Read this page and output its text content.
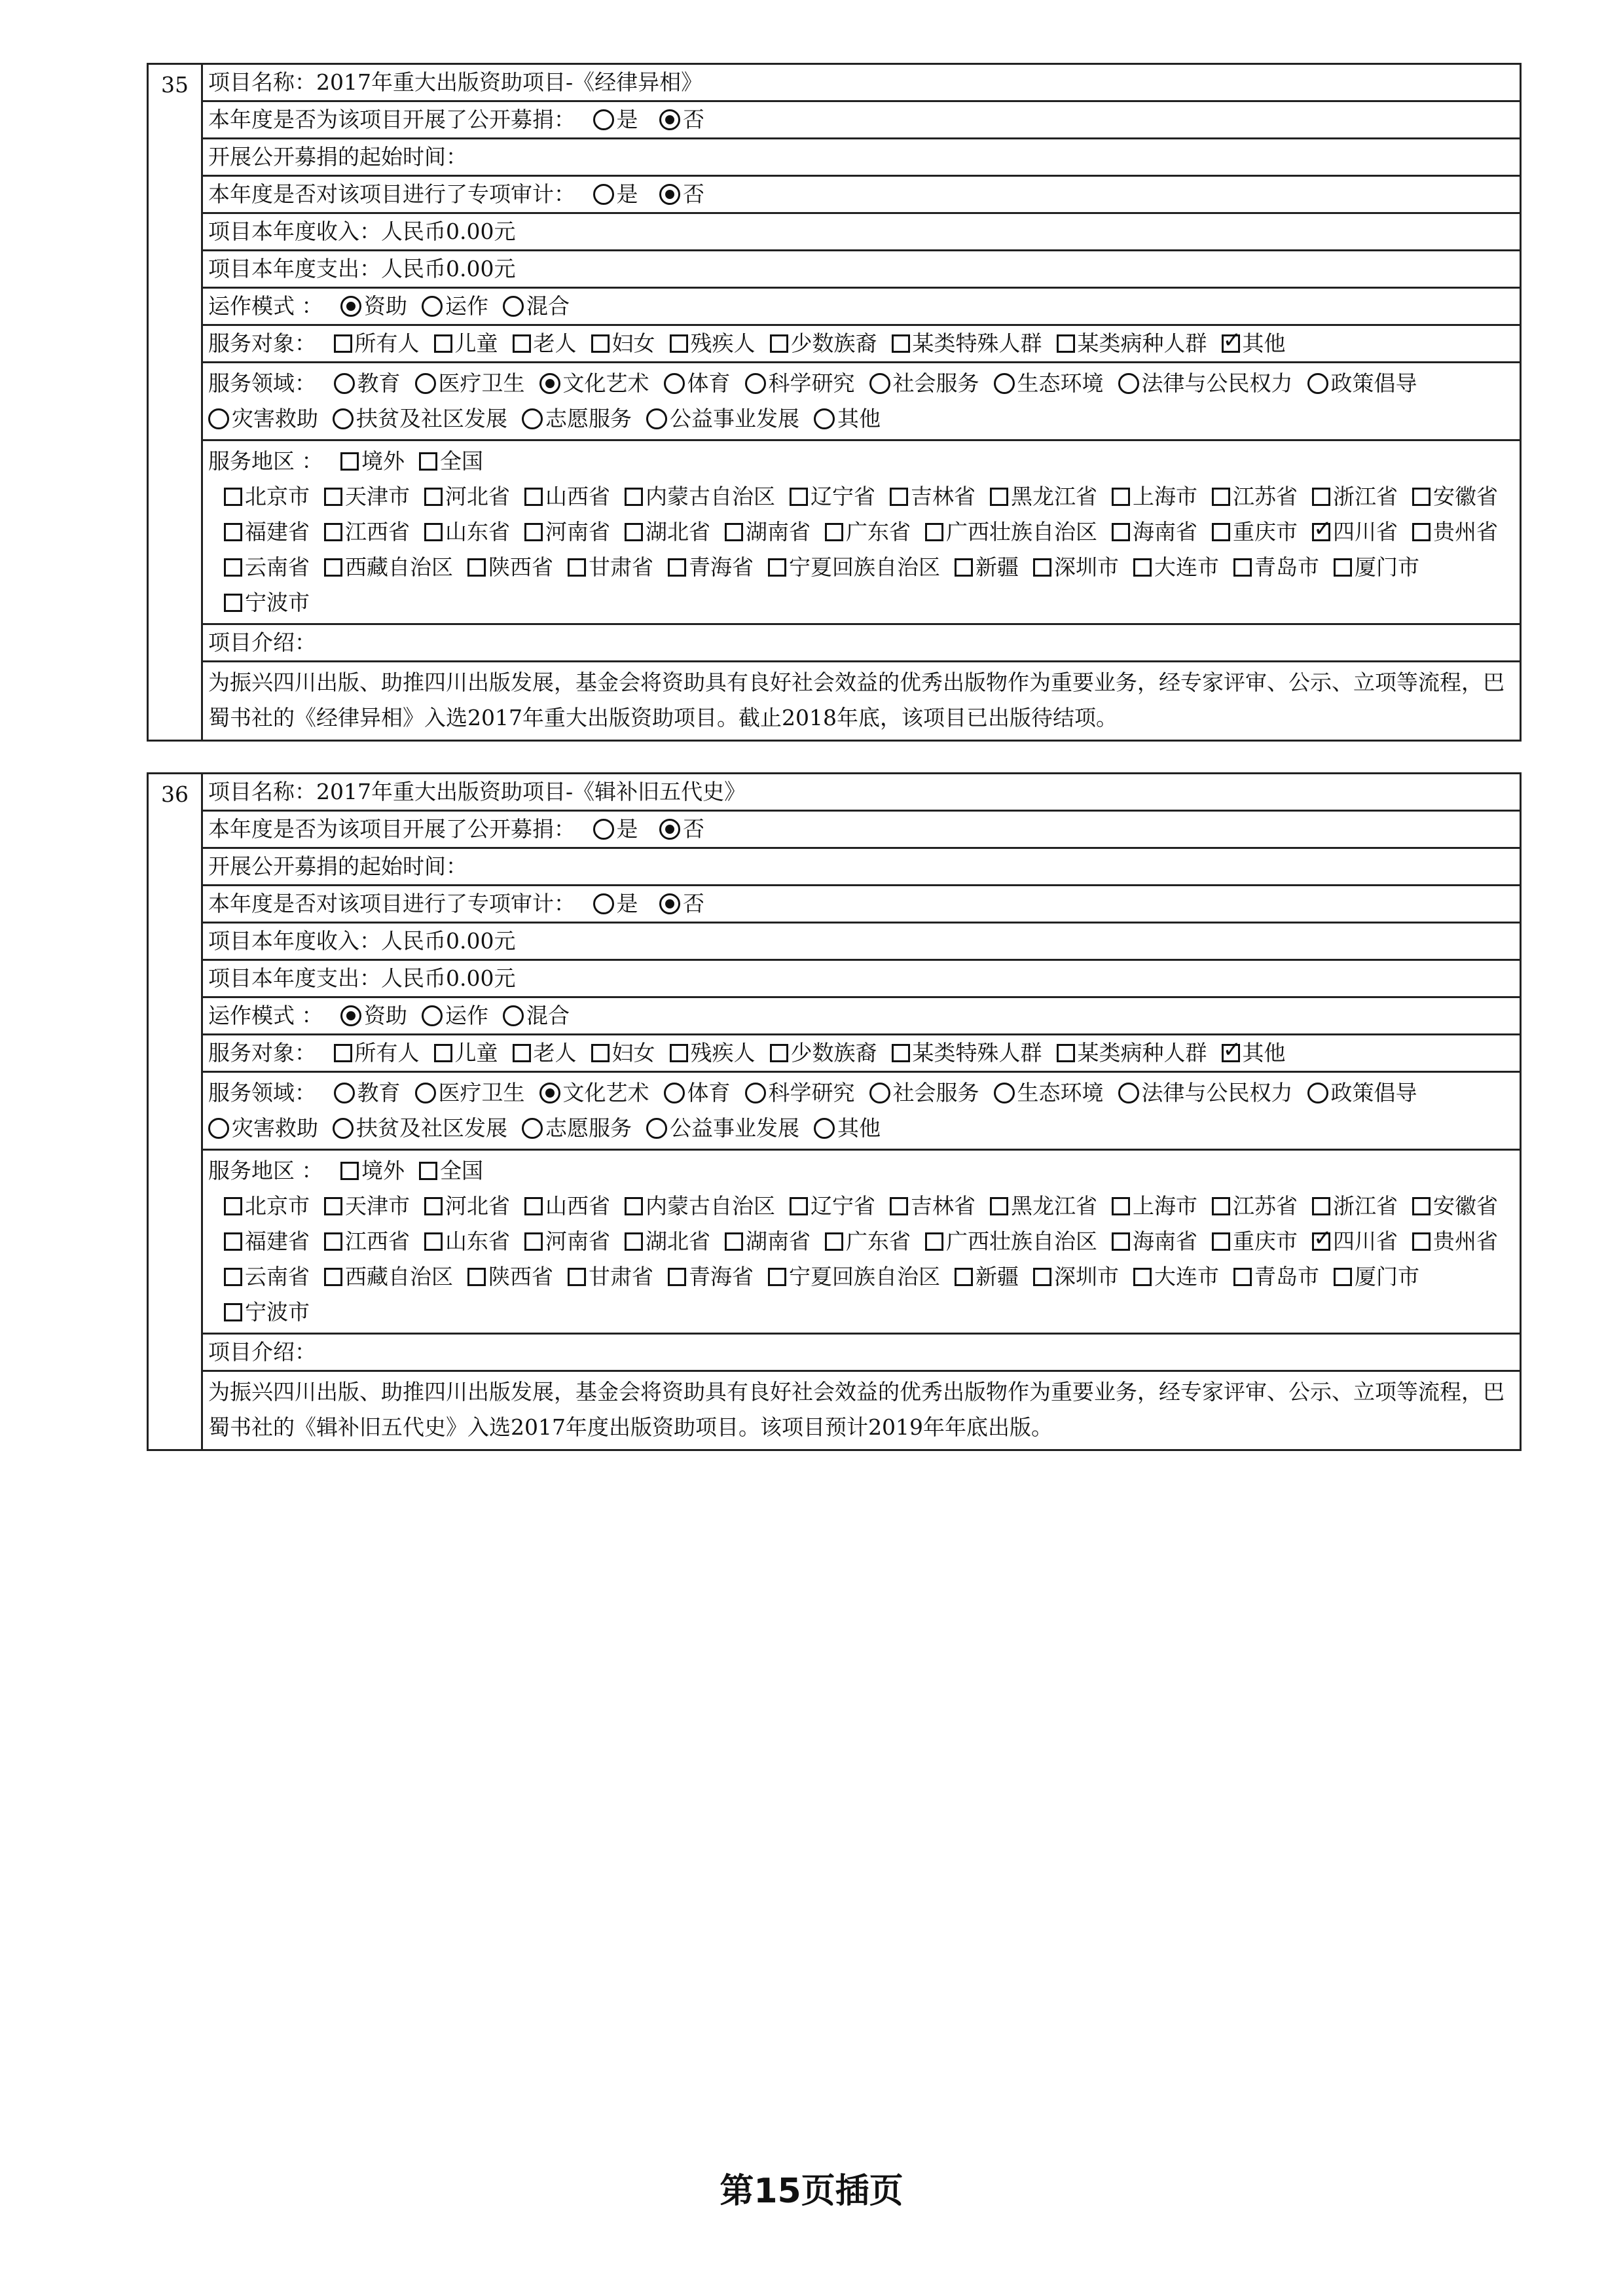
35	项目名称：2017年重大出版资助项目-《经律异相》
本年度是否为该项目开展了公开募捐： 是 否
开展公开募捐的起始时间：
本年度是否对该项目进行了专项审计： 是 否
项目本年度收入：人民币0.00元
项目本年度支出：人民币0.00元
运作模式 ： 资助 运作 混合
服务对象： 所有人 儿童 老人 妇女 残疾人 少数族裔 某类特殊人群 某类病种人群 ✓ 其他
服务领域： 教育 医疗卫生 文化艺术 体育 科学研究 社会服务 生态环境 法律与公民权力 政策倡导灾害救助 扶贫及社区发展 志愿服务 公益事业发展 其他

服务地区 ： 境外 全国
北京市 天津市 河北省 山西省 内蒙古自治区 辽宁省 吉林省 黑龙江省 上海市 江苏省 浙江省 安徽省福建省 江西省 山东省 河南省 湖北省 湖南省 广东省 广西壮族自治区 海南省 重庆市 ✓ 四川省 贵州省云南省 西藏自治区 陕西省 甘肃省 青海省 宁夏回族自治区 新疆 深圳市 大连市 青岛市 厦门市宁波市

项目介绍：
为振兴四川出版、助推四川出版发展，基金会将资助具有良好社会效益的优秀出版物作为重要业务，经专家评审、公示、立项等流程，巴蜀书社的《经律异相》入选2017年重大出版资助项目。截止2018年底，该项目已出版待结项。
36	项目名称：2017年重大出版资助项目-《辑补旧五代史》
本年度是否为该项目开展了公开募捐： 是 否
开展公开募捐的起始时间：
本年度是否对该项目进行了专项审计： 是 否
项目本年度收入：人民币0.00元
项目本年度支出：人民币0.00元
运作模式 ： 资助 运作 混合
服务对象： 所有人 儿童 老人 妇女 残疾人 少数族裔 某类特殊人群 某类病种人群 ✓ 其他
服务领域： 教育 医疗卫生 文化艺术 体育 科学研究 社会服务 生态环境 法律与公民权力 政策倡导灾害救助 扶贫及社区发展 志愿服务 公益事业发展 其他

服务地区 ： 境外 全国
北京市 天津市 河北省 山西省 内蒙古自治区 辽宁省 吉林省 黑龙江省 上海市 江苏省 浙江省 安徽省福建省 江西省 山东省 河南省 湖北省 湖南省 广东省 广西壮族自治区 海南省 重庆市 ✓ 四川省 贵州省云南省 西藏自治区 陕西省 甘肃省 青海省 宁夏回族自治区 新疆 深圳市 大连市 青岛市 厦门市宁波市

项目介绍：
为振兴四川出版、助推四川出版发展，基金会将资助具有良好社会效益的优秀出版物作为重要业务，经专家评审、公示、立项等流程，巴蜀书社的《辑补旧五代史》入选2017年度出版资助项目。该项目预计2019年年底出版。
第15页插页
